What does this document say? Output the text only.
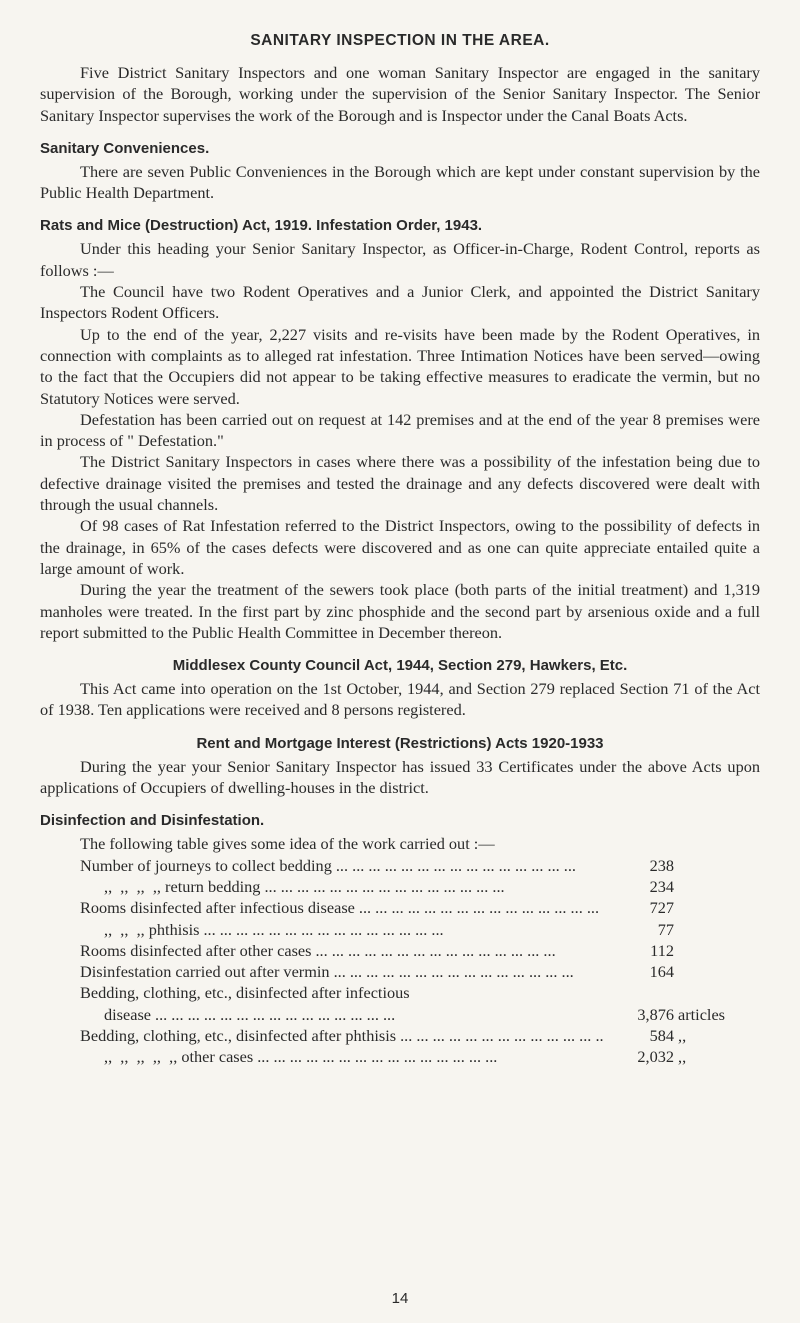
SANITARY INSPECTION IN THE AREA.

Five District Sanitary Inspectors and one woman Sanitary Inspector are engaged in the sanitary supervision of the Borough, working under the supervision of the Senior Sanitary Inspector. The Senior Sanitary Inspector supervises the work of the Borough and is Inspector under the Canal Boats Acts.

Sanitary Conveniences.

There are seven Public Conveniences in the Borough which are kept under constant supervision by the Public Health Department.

Rats and Mice (Destruction) Act, 1919. Infestation Order, 1943.

Under this heading your Senior Sanitary Inspector, as Officer-in-Charge, Rodent Control, reports as follows :—

The Council have two Rodent Operatives and a Junior Clerk, and appointed the District Sanitary Inspectors Rodent Officers.

Up to the end of the year, 2,227 visits and re-visits have been made by the Rodent Operatives, in connection with complaints as to alleged rat infestation. Three Intimation Notices have been served—owing to the fact that the Occupiers did not appear to be taking effective measures to eradicate the vermin, but no Statutory Notices were served.

Defestation has been carried out on request at 142 premises and at the end of the year 8 premises were in process of " Defestation."

The District Sanitary Inspectors in cases where there was a possibility of the infestation being due to defective drainage visited the premises and tested the drainage and any defects discovered were dealt with through the usual channels.

Of 98 cases of Rat Infestation referred to the District Inspectors, owing to the possibility of defects in the drainage, in 65% of the cases defects were discovered and as one can quite appreciate entailed quite a large amount of work.

During the year the treatment of the sewers took place (both parts of the initial treatment) and 1,319 manholes were treated. In the first part by zinc phosphide and the second part by arsenious oxide and a full report submitted to the Public Health Committee in December thereon.

Middlesex County Council Act, 1944, Section 279, Hawkers, Etc.

This Act came into operation on the 1st October, 1944, and Section 279 replaced Section 71 of the Act of 1938. Ten applications were received and 8 persons registered.

Rent and Mortgage Interest (Restrictions) Acts 1920-1933

During the year your Senior Sanitary Inspector has issued 33 Certificates under the above Acts upon applications of Occupiers of dwelling-houses in the district.

Disinfection and Disinfestation.

The following table gives some idea of the work carried out :—

Number of journeys to collect bedding ... .	238
,,  ,,  ,,  ,, return bedding ... .	234
Rooms disinfected after infectious disease ... .	727
,,  ,,  ,, phthisis ... .	77
Rooms disinfected after other cases ... .	112
Disinfestation carried out after vermin ... .	164
Bedding, clothing, etc., disinfected after infectious
disease ... .	3,876 articles
Bedding, clothing, etc., disinfected after phthisis ... .	584 ,,
,,  ,,  ,,  ,,  ,, other cases ... .	2,032 ,,
14
